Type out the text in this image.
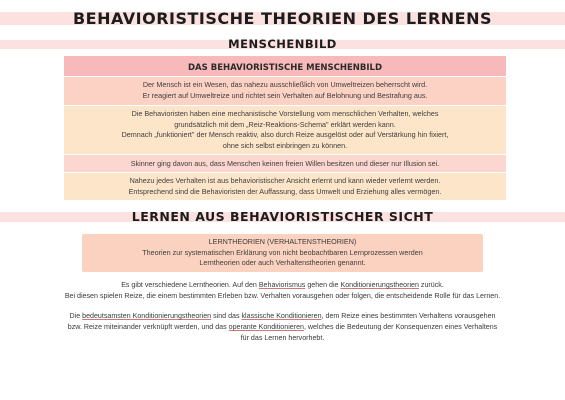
BEHAVIORISTISCHE THEORIEN DES LERNENS
MENSCHENBILD
DAS BEHAVIORISTISCHE MENSCHENBILD
Der Mensch ist ein Wesen, das nahezu ausschließlich von Umweltreizen beherrscht wird.
Er reagiert auf Umweltreize und richtet sein Verhalten auf Belohnung und Bestrafung aus.
Die Behavioristen haben eine mechanistische Vorstellung vom menschlichen Verhalten, welches
grundsätzlich mit dem „Reiz-Reaktions-Schema" erklärt werden kann.
Demnach „funktioniert" der Mensch reaktiv, also durch Reize ausgelöst oder auf Verstärkung hin fixiert,
ohne sich selbst einbringen zu können.
Skinner ging davon aus, dass Menschen keinen freien Willen besitzen und dieser nur Illusion sei.
Nahezu jedes Verhalten ist aus behavioristischer Ansicht erlernt und kann wieder verlernt werden.
Entsprechend sind die Behavioristen der Auffassung, dass Umwelt und Erziehung alles vermögen.
LERNEN AUS BEHAVIORISTISCHER SICHT
LERNTHEORIEN (VERHALTENSTHEORIEN)
Theorien zur systematischen Erklärung von nicht beobachtbaren Lernprozessen werden
Lerntheorien oder auch Verhaltenstheorien genannt.
Es gibt verschiedene Lerntheorien. Auf den Behaviorismus gehen die Konditionierungstheorien zurück.
Bei diesen spielen Reize, die einem bestimmten Erleben bzw. Verhalten vorausgehen oder folgen, die entscheidende Rolle für das Lernen.
Die bedeutsamsten Konditionierungstheorien sind das klassische Konditionieren, dem Reize eines bestimmten Verhaltens vorausgehen
bzw. Reize miteinander verknüpft werden, und das operante Konditionieren, welches die Bedeutung der Konsequenzen eines Verhaltens
für das Lernen hervorhebt.
